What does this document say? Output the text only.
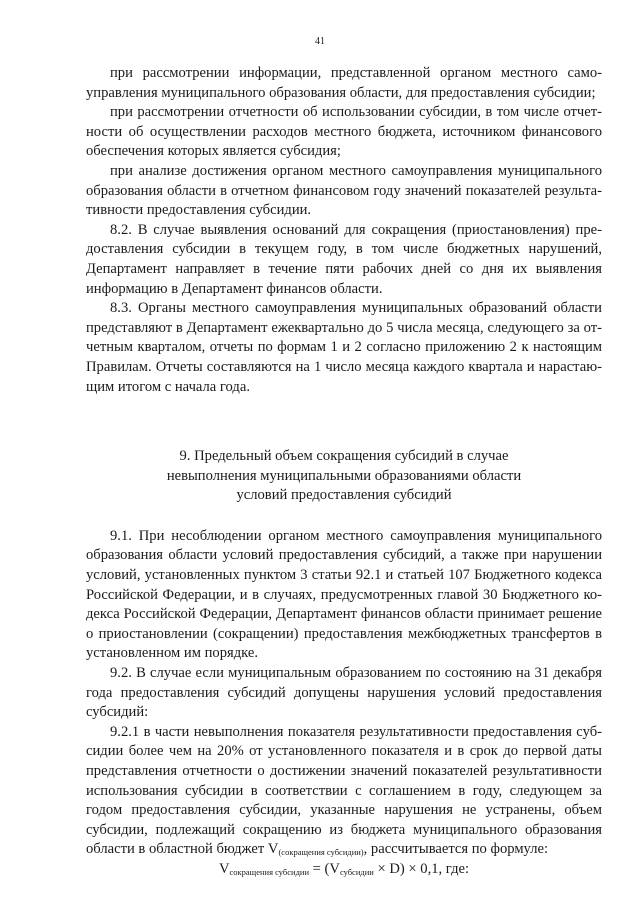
41

при рассмотрении информации, представленной органом местного самоуправления муниципального образования области, для предоставления субсидии;

при рассмотрении отчетности об использовании субсидии, в том числе отчетности об осуществлении расходов местного бюджета, источником финансового обеспечения которых является субсидия;

при анализе достижения органом местного самоуправления муниципального образования области в отчетном финансовом году значений показателей результативности предоставления субсидии.

8.2. В случае выявления оснований для сокращения (приостановления) предоставления субсидии в текущем году, в том числе бюджетных нарушений, Департамент направляет в течение пяти рабочих дней со дня их выявления информацию в Департамент финансов области.

8.3. Органы местного самоуправления муниципальных образований области представляют в Департамент ежеквартально до 5 числа месяца, следующего за отчетным кварталом, отчеты по формам 1 и 2 согласно приложению 2 к настоящим Правилам. Отчеты составляются на 1 число месяца каждого квартала и нарастающим итогом с начала года.

9. Предельный объем сокращения субсидий в случае
невыполнения муниципальными образованиями области
условий предоставления субсидий

9.1. При несоблюдении органом местного самоуправления муниципального образования области условий предоставления субсидий, а также при нарушении условий, установленных пунктом 3 статьи 92.1 и статьей 107 Бюджетного кодекса Российской Федерации, и в случаях, предусмотренных главой 30 Бюджетного кодекса Российской Федерации, Департамент финансов области принимает решение о приостановлении (сокращении) предоставления межбюджетных трансфертов в установленном им порядке.

9.2. В случае если муниципальным образованием по состоянию на 31 декабря года предоставления субсидий допущены нарушения условий предоставления субсидий:

9.2.1 в части невыполнения показателя результативности предоставления субсидии более чем на 20% от установленного показателя и в срок до первой даты представления отчетности о достижении значений показателей результативности использования субсидии в соответствии с соглашением в году, следующем за годом предоставления субсидии, указанные нарушения не устранены, объем субсидии, подлежащий сокращению из бюджета муниципального образования области в областной бюджет $V_{(сокращения субсидии)}$, рассчитывается по формуле:

$V_{сокращения субсидии} = (V_{субсидии} \times D) \times 0,1$, где:
